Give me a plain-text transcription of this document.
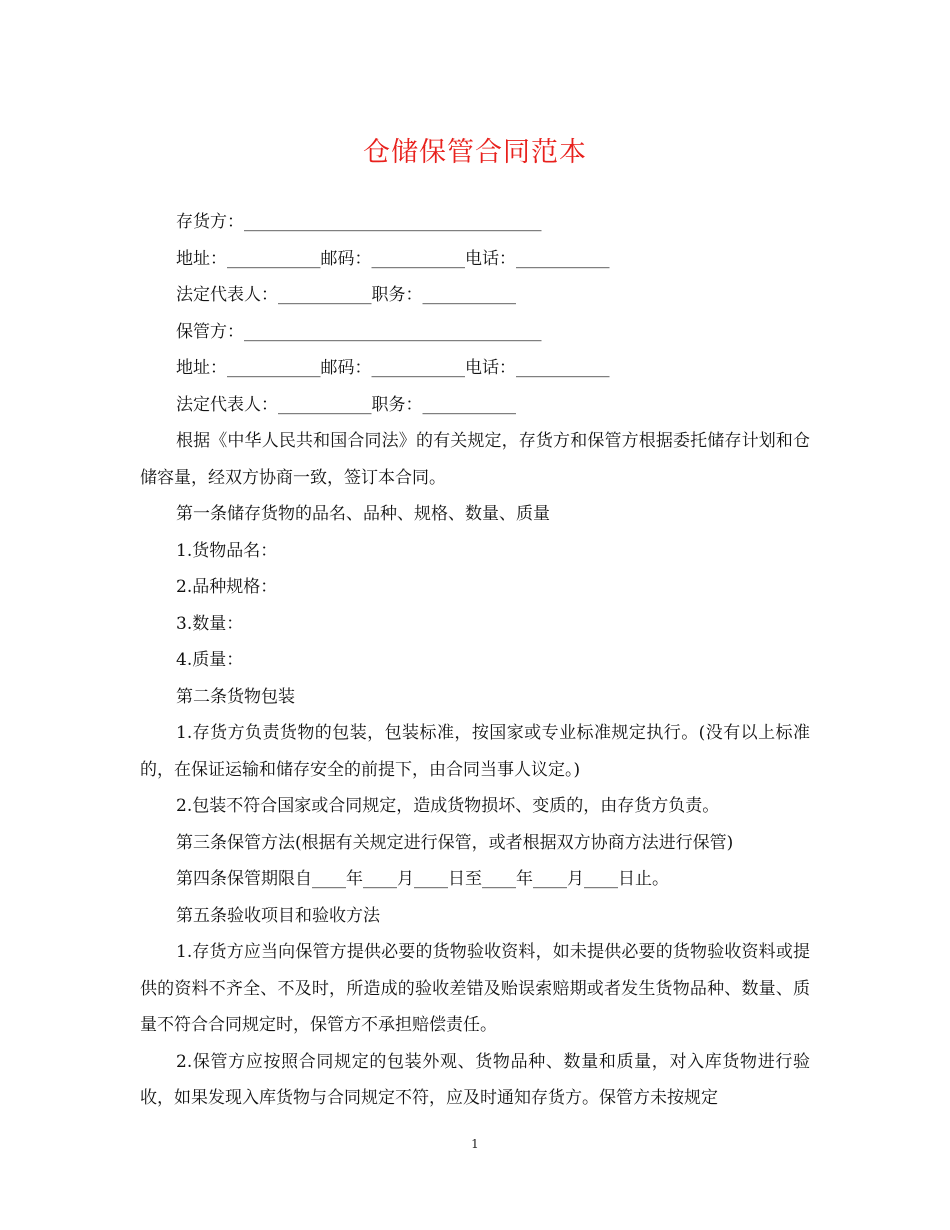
仓储保管合同范本

存货方：___________________________________

地址：___________邮码：___________电话：___________

法定代表人：___________职务：___________

保管方：___________________________________

地址：___________邮码：___________电话：___________

法定代表人：___________职务：___________

根据《中华人民共和国合同法》的有关规定，存货方和保管方根据委托储存计划和仓储容量，经双方协商一致，签订本合同。

第一条储存货物的品名、品种、规格、数量、质量

1.货物品名：

2.品种规格：

3.数量：

4.质量：

第二条货物包装

1.存货方负责货物的包装，包装标准，按国家或专业标准规定执行。(没有以上标准的，在保证运输和储存安全的前提下，由合同当事人议定。)

2.包装不符合国家或合同规定，造成货物损坏、变质的，由存货方负责。

第三条保管方法(根据有关规定进行保管，或者根据双方协商方法进行保管)

第四条保管期限自____年____月____日至____年____月____日止。

第五条验收项目和验收方法

1.存货方应当向保管方提供必要的货物验收资料，如未提供必要的货物验收资料或提供的资料不齐全、不及时，所造成的验收差错及贻误索赔期或者发生货物品种、数量、质量不符合合同规定时，保管方不承担赔偿责任。

2.保管方应按照合同规定的包装外观、货物品种、数量和质量，对入库货物进行验收，如果发现入库货物与合同规定不符，应及时通知存货方。保管方未按规定

1
